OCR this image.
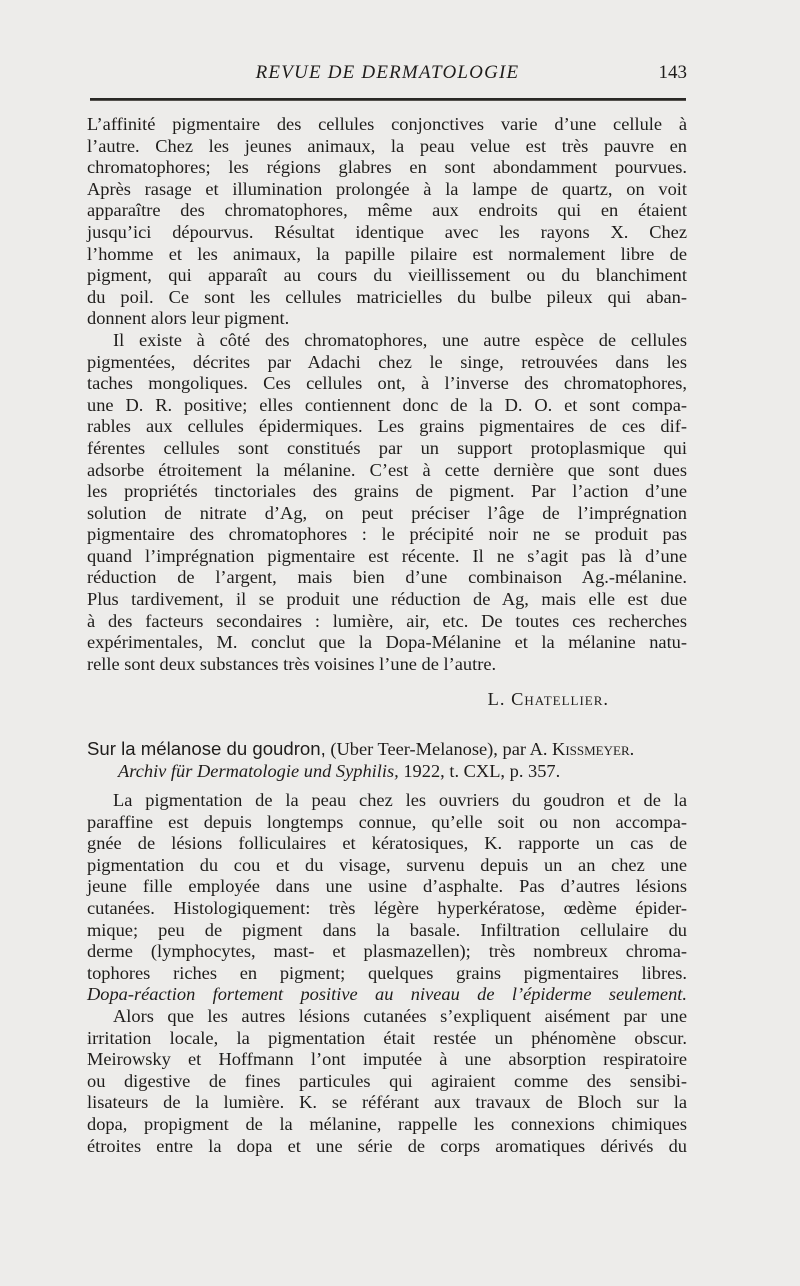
REVUE DE DERMATOLOGIE	143
L’affinité pigmentaire des cellules conjonctives varie d’une cellule à
l’autre. Chez les jeunes animaux, la peau velue est très pauvre en
chromatophores; les régions glabres en sont abondamment pourvues.
Après rasage et illumination prolongée à la lampe de quartz, on voit
apparaître des chromatophores, même aux endroits qui en étaient
jusqu’ici dépourvus. Résultat identique avec les rayons X. Chez
l’homme et les animaux, la papille pilaire est normalement libre de
pigment, qui apparaît au cours du vieillissement ou du blanchiment
du poil. Ce sont les cellules matricielles du bulbe pileux qui aban-
donnent alors leur pigment.
Il existe à côté des chromatophores, une autre espèce de cellules
pigmentées, décrites par Adachi chez le singe, retrouvées dans les
taches mongoliques. Ces cellules ont, à l’inverse des chromatophores,
une D. R. positive; elles contiennent donc de la D. O. et sont compa-
rables aux cellules épidermiques. Les grains pigmentaires de ces dif-
férentes cellules sont constitués par un support protoplasmique qui
adsorbe étroitement la mélanine. C’est à cette dernière que sont dues
les propriétés tinctoriales des grains de pigment. Par l’action d’une
solution de nitrate d’Ag, on peut préciser l’âge de l’imprégnation
pigmentaire des chromatophores : le précipité noir ne se produit pas
quand l’imprégnation pigmentaire est récente. Il ne s’agit pas là d’une
réduction de l’argent, mais bien d’une combinaison Ag.-mélanine.
Plus tardivement, il se produit une réduction de Ag, mais elle est due
à des facteurs secondaires : lumière, air, etc. De toutes ces recherches
expérimentales, M. conclut que la Dopa-Mélanine et la mélanine natu-
relle sont deux substances très voisines l’une de l’autre.
L. Chatellier.
Sur la mélanose du goudron, (Uber Teer-Melanose), par A. Kissmeyer.
Archiv für Dermatologie und Syphilis, 1922, t. CXL, p. 357.
La pigmentation de la peau chez les ouvriers du goudron et de la
paraffine est depuis longtemps connue, qu’elle soit ou non accompa-
gnée de lésions folliculaires et kératosiques, K. rapporte un cas de
pigmentation du cou et du visage, survenu depuis un an chez une
jeune fille employée dans une usine d’asphalte. Pas d’autres lésions
cutanées. Histologiquement: très légère hyperkératose, œdème épider-
mique; peu de pigment dans la basale. Infiltration cellulaire du
derme (lymphocytes, mast- et plasmazellen); très nombreux chroma-
tophores riches en pigment; quelques grains pigmentaires libres.
Dopa-réaction fortement positive au niveau de l’épiderme seulement.
Alors que les autres lésions cutanées s’expliquent aisément par une
irritation locale, la pigmentation était restée un phénomène obscur.
Meirowsky et Hoffmann l’ont imputée à une absorption respiratoire
ou digestive de fines particules qui agiraient comme des sensibi-
lisateurs de la lumière. K. se référant aux travaux de Bloch sur la
dopa, propigment de la mélanine, rappelle les connexions chimiques
étroites entre la dopa et une série de corps aromatiques dérivés du
